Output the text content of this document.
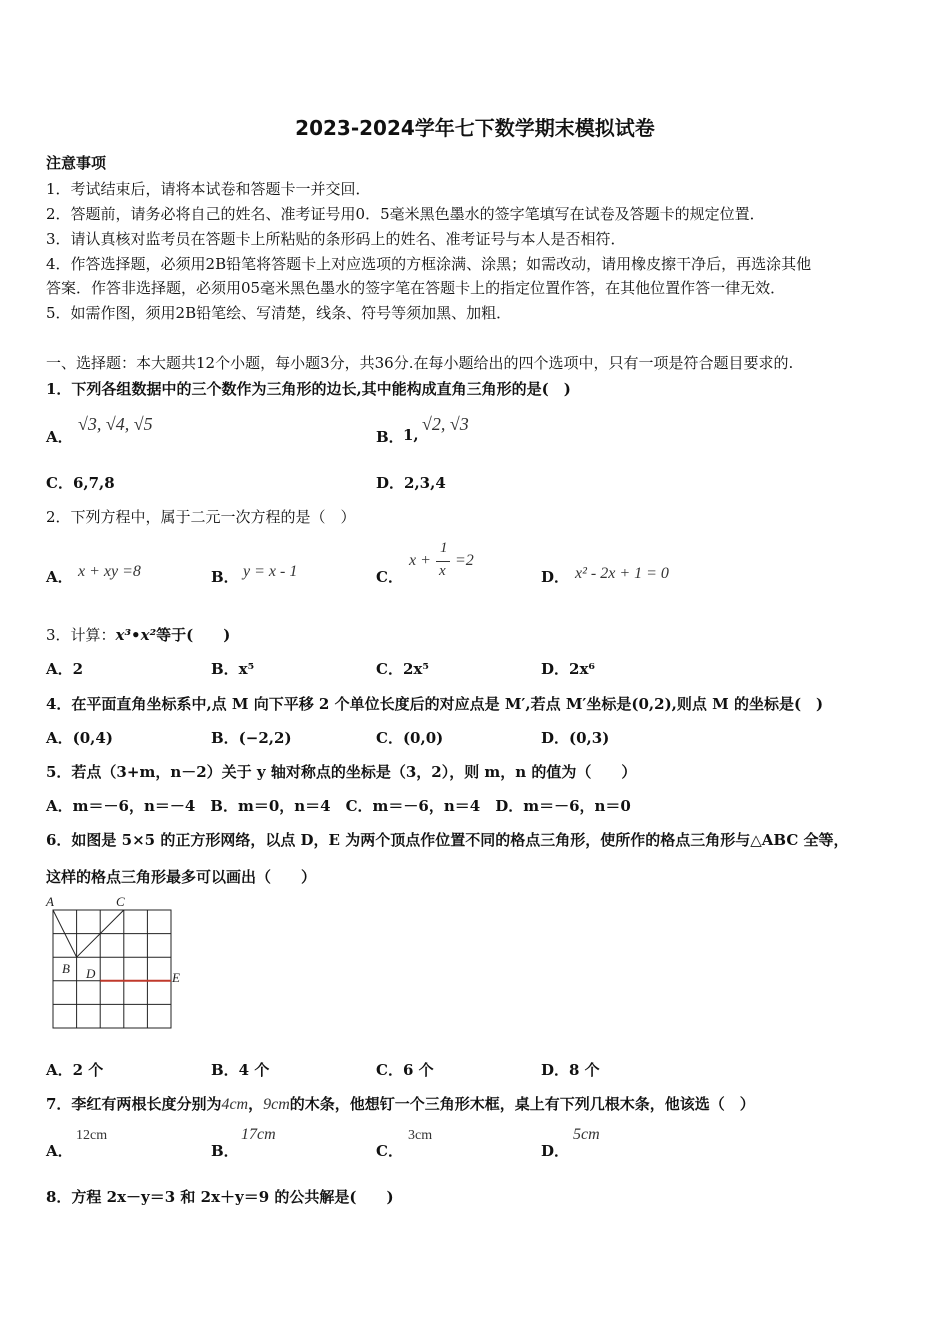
2023-2024学年七下数学期末模拟试卷
注意事项
1．考试结束后，请将本试卷和答题卡一并交回．
2．答题前，请务必将自己的姓名、准考证号用0．5毫米黑色墨水的签字笔填写在试卷及答题卡的规定位置．
3．请认真核对监考员在答题卡上所粘贴的条形码上的姓名、准考证号与本人是否相符．
4．作答选择题，必须用2B铅笔将答题卡上对应选项的方框涂满、涂黑；如需改动，请用橡皮擦干净后，再选涂其他
答案．作答非选择题，必须用05毫米黑色墨水的签字笔在答题卡上的指定位置作答，在其他位置作答一律无效．
5．如需作图，须用2B铅笔绘、写清楚，线条、符号等须加黑、加粗．
一、选择题：本大题共12个小题，每小题3分，共36分.在每小题给出的四个选项中，只有一项是符合题目要求的.
1．下列各组数据中的三个数作为三角形的边长,其中能构成直角三角形的是(　)
A．
√3, √4, √5
B． 1,
√2, √3
C．6,7,8	D．2,3,4
2．下列方程中，属于二元一次方程的是（　）
A． x + xy =8	B． y = x - 1	C．
x +
1
x
=2
D． x² - 2x + 1 = 0
3．计算：x³•x²等于(　　)
A．2	B．x⁵	C．2x⁵	D．2x⁶
4．在平面直角坐标系中,点 M 向下平移 2 个单位长度后的对应点是 M′,若点 M′坐标是(0,2),则点 M 的坐标是(　)
A．(0,4)	B．(−2,2)	C．(0,0)	D．(0,3)
5．若点（3+m，n－2）关于 y 轴对称点的坐标是（3，2），则 m，n 的值为（　　）
A．m＝－6，n＝－4　B．m＝0，n＝4　C．m＝－6，n＝4　D．m＝－6，n＝0
6．如图是 5×5 的正方形网络，以点 D，E 为两个顶点作位置不同的格点三角形，使所作的格点三角形与△ABC 全等，
这样的格点三角形最多可以画出（　　）
A	C
B D	E
A．2 个	B．4 个	C．6 个	D．8 个
7．李红有两根长度分别为4cm，9cm的木条，他想钉一个三角形木框，桌上有下列几根木条，他该选（　）
A．
12cm
B．
17cm
C．
3cm
D．
5cm
8．方程 2x－y＝3 和 2x＋y＝9 的公共解是(　　)
